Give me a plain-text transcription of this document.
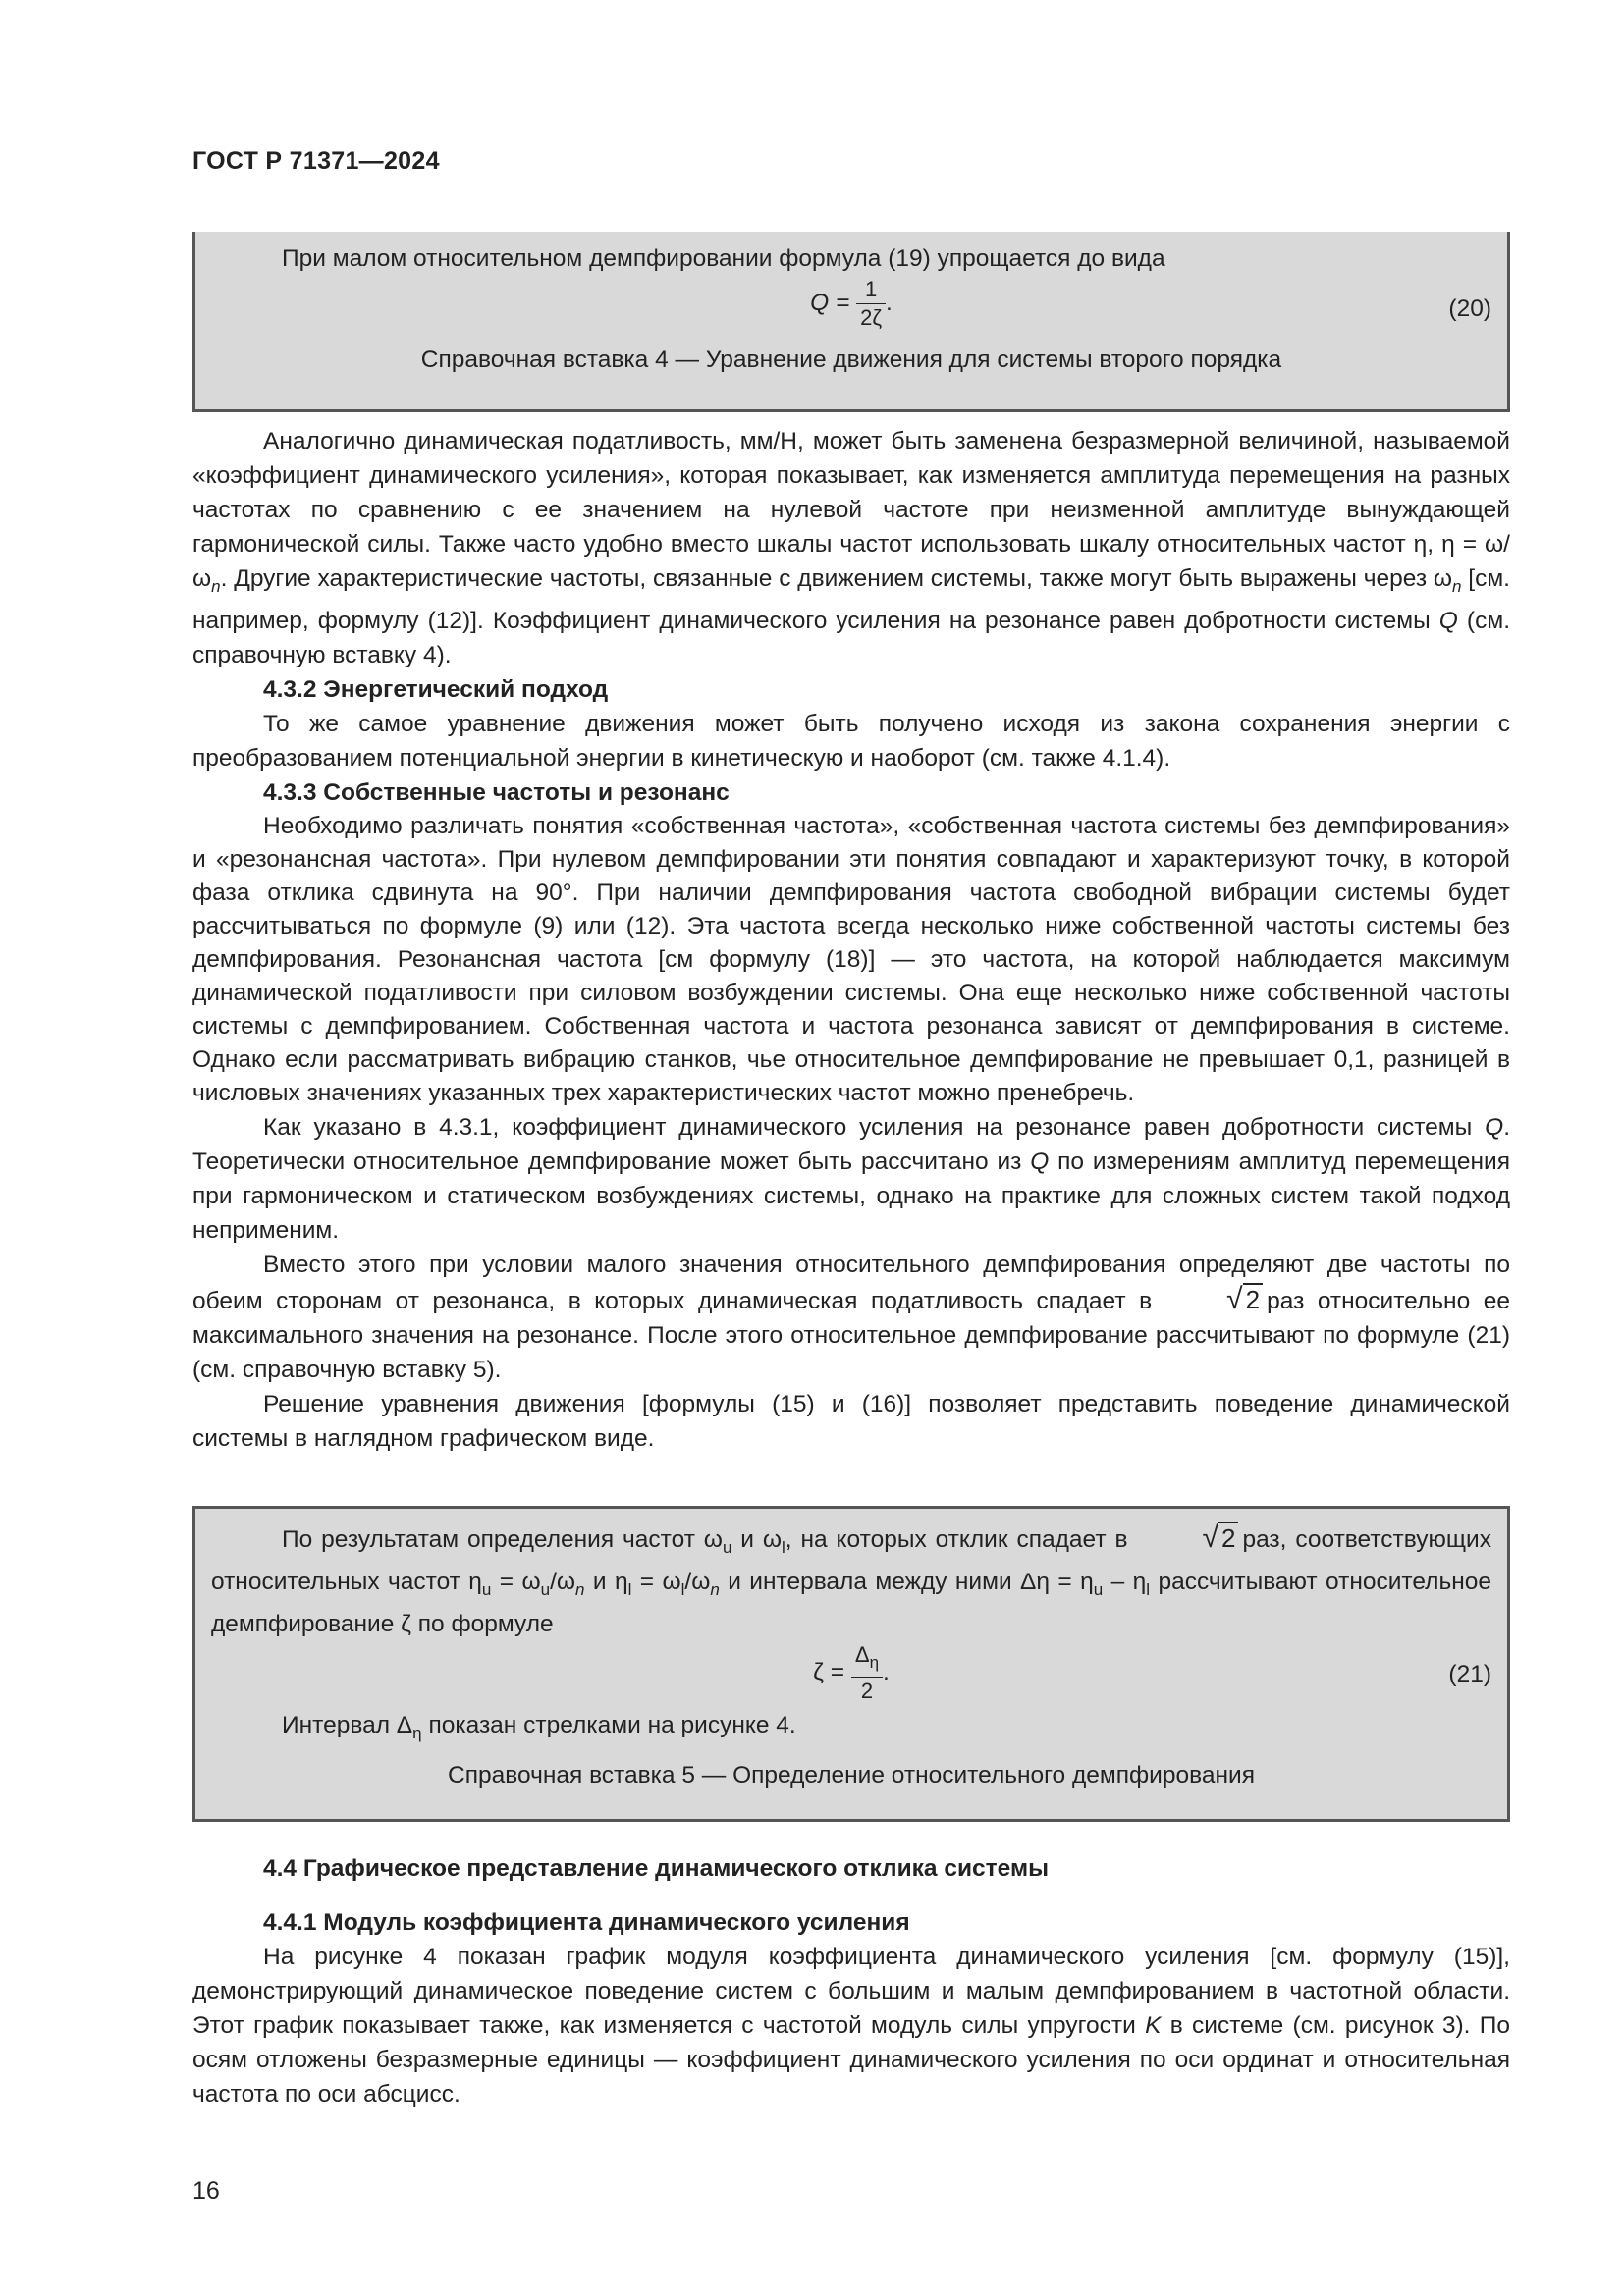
ГОСТ Р 71371—2024

При малом относительном демпфировании формула (19) упрощается до вида

$Q = \frac{1}{2\zeta}$ .	(20)
Справочная вставка 4 — Уравнение движения для системы второго порядка

Аналогично динамическая податливость, мм/Н, может быть заменена безразмерной величиной, называемой «коэффициент динамического усиления», которая показывает, как изменяется амплитуда перемещения на разных частотах по сравнению с ее значением на нулевой частоте при неизменной амплитуде вынуждающей гармонической силы. Также часто удобно вместо шкалы частот использовать шкалу относительных частот η, $\eta = \omega/\omega_n$. Другие характеристические частоты, связанные с движением системы, также могут быть выражены через $\omega_n$ [см. например, формулу (12)]. Коэффициент динамического усиления на резонансе равен добротности системы Q (см. справочную вставку 4).

4.3.2 Энергетический подход

То же самое уравнение движения может быть получено исходя из закона сохранения энергии с преобразованием потенциальной энергии в кинетическую и наоборот (см. также 4.1.4).

4.3.3 Собственные частоты и резонанс

Необходимо различать понятия «собственная частота», «собственная частота системы без демпфирования» и «резонансная частота». При нулевом демпфировании эти понятия совпадают и характеризуют точку, в которой фаза отклика сдвинута на 90°. При наличии демпфирования частота свободной вибрации системы будет рассчитываться по формуле (9) или (12). Эта частота всегда несколько ниже собственной частоты системы без демпфирования. Резонансная частота [см формулу (18)] — это частота, на которой наблюдается максимум динамической податливости при силовом возбуждении системы. Она еще несколько ниже собственной частоты системы с демпфированием. Собственная частота и частота резонанса зависят от демпфирования в системе. Однако если рассматривать вибрацию станков, чье относительное демпфирование не превышает 0,1, разницей в числовых значениях указанных трех характеристических частот можно пренебречь.

Как указано в 4.3.1, коэффициент динамического усиления на резонансе равен добротности системы Q. Теоретически относительное демпфирование может быть рассчитано из Q по измерениям амплитуд перемещения при гармоническом и статическом возбуждениях системы, однако на практике для сложных систем такой подход неприменим.

Вместо этого при условии малого значения относительного демпфирования определяют две частоты по обеим сторонам от резонанса, в которых динамическая податливость спадает в	√ 2 раз относительно ее максимального значения на резонансе. После этого относительное демпфирование рассчитывают по формуле (21) (см. справочную вставку 5).

Решение уравнения движения [формулы (15) и (16)] позволяет представить поведение динамической системы в наглядном графическом виде.

По результатам определения частот $\omega_u$ и $\omega_l$, на которых отклик спадает в	√ 2 раз, соответствующих относительных частот $\eta_u = \omega_u/\omega_n$ и $\eta_l = \omega_l/\omega_n$ и интервала между ними $\Delta\eta = \eta_u - \eta_l$ рассчитывают относительное демпфирование ζ по формуле

$\zeta = \frac{\Delta_\eta}{2}$ .	(21)

Интервал $\Delta_\eta$ показан стрелками на рисунке 4.

Справочная вставка 5 — Определение относительного демпфирования

4.4 Графическое представление динамического отклика системы

4.4.1 Модуль коэффициента динамического усиления

На рисунке 4 показан график модуля коэффициента динамического усиления [см. формулу (15)], демонстрирующий динамическое поведение систем с большим и малым демпфированием в частотной области. Этот график показывает также, как изменяется с частотой модуль силы упругости K в системе (см. рисунок 3). По осям отложены безразмерные единицы — коэффициент динамического усиления по оси ординат и относительная частота по оси абсцисс.

16
